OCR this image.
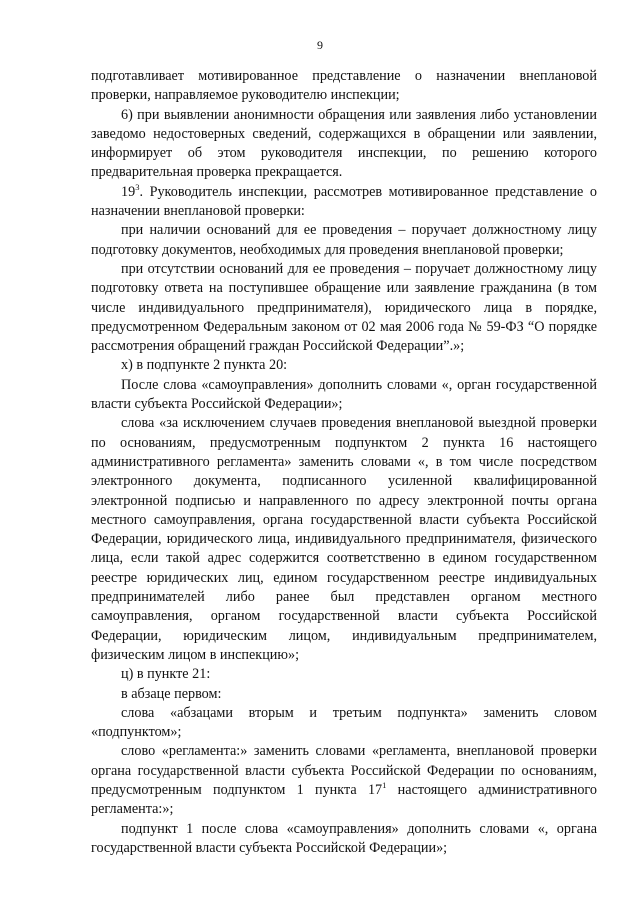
9

подготавливает мотивированное представление о назначении внеплановой проверки, направляемое руководителю инспекции;

6) при выявлении анонимности обращения или заявления либо установлении заведомо недостоверных сведений, содержащихся в обращении или заявлении, информирует об этом руководителя инспекции, по решению которого предварительная проверка прекращается.

$19^3$. Руководитель инспекции, рассмотрев мотивированное представление о назначении внеплановой проверки:

при наличии оснований для ее проведения – поручает должностному лицу подготовку документов, необходимых для проведения внеплановой проверки;

при отсутствии оснований для ее проведения – поручает должностному лицу подготовку ответа на поступившее обращение или заявление гражданина (в том числе индивидуального предпринимателя), юридического лица в порядке, предусмотренном Федеральным законом от 02 мая 2006 года № 59-ФЗ “О порядке рассмотрения обращений граждан Российской Федерации”.»;

х) в подпункте 2 пункта 20:

После слова «самоуправления» дополнить словами «, орган государственной власти субъекта Российской Федерации»;

слова «за исключением случаев проведения внеплановой выездной проверки по основаниям, предусмотренным подпунктом 2 пункта 16 настоящего административного регламента» заменить словами «, в том числе посредством электронного документа, подписанного усиленной квалифицированной электронной подписью и направленного по адресу электронной почты органа местного самоуправления, органа государственной власти субъекта Российской Федерации, юридического лица, индивидуального предпринимателя, физического лица, если такой адрес содержится соответственно в едином государственном реестре юридических лиц, едином государственном реестре индивидуальных предпринимателей либо ранее был представлен органом местного самоуправления, органом государственной власти субъекта Российской Федерации, юридическим лицом, индивидуальным предпринимателем, физическим лицом в инспекцию»;

ц) в пункте 21:

в абзаце первом:

слова «абзацами вторым и третьим подпункта» заменить словом «подпунктом»;

слово «регламента:» заменить словами «регламента, внеплановой проверки органа государственной власти субъекта Российской Федерации по основаниям, предусмотренным подпунктом 1 пункта $17^1$ настоящего административного регламента:»;

подпункт 1 после слова «самоуправления» дополнить словами «, органа государственной власти субъекта Российской Федерации»;
